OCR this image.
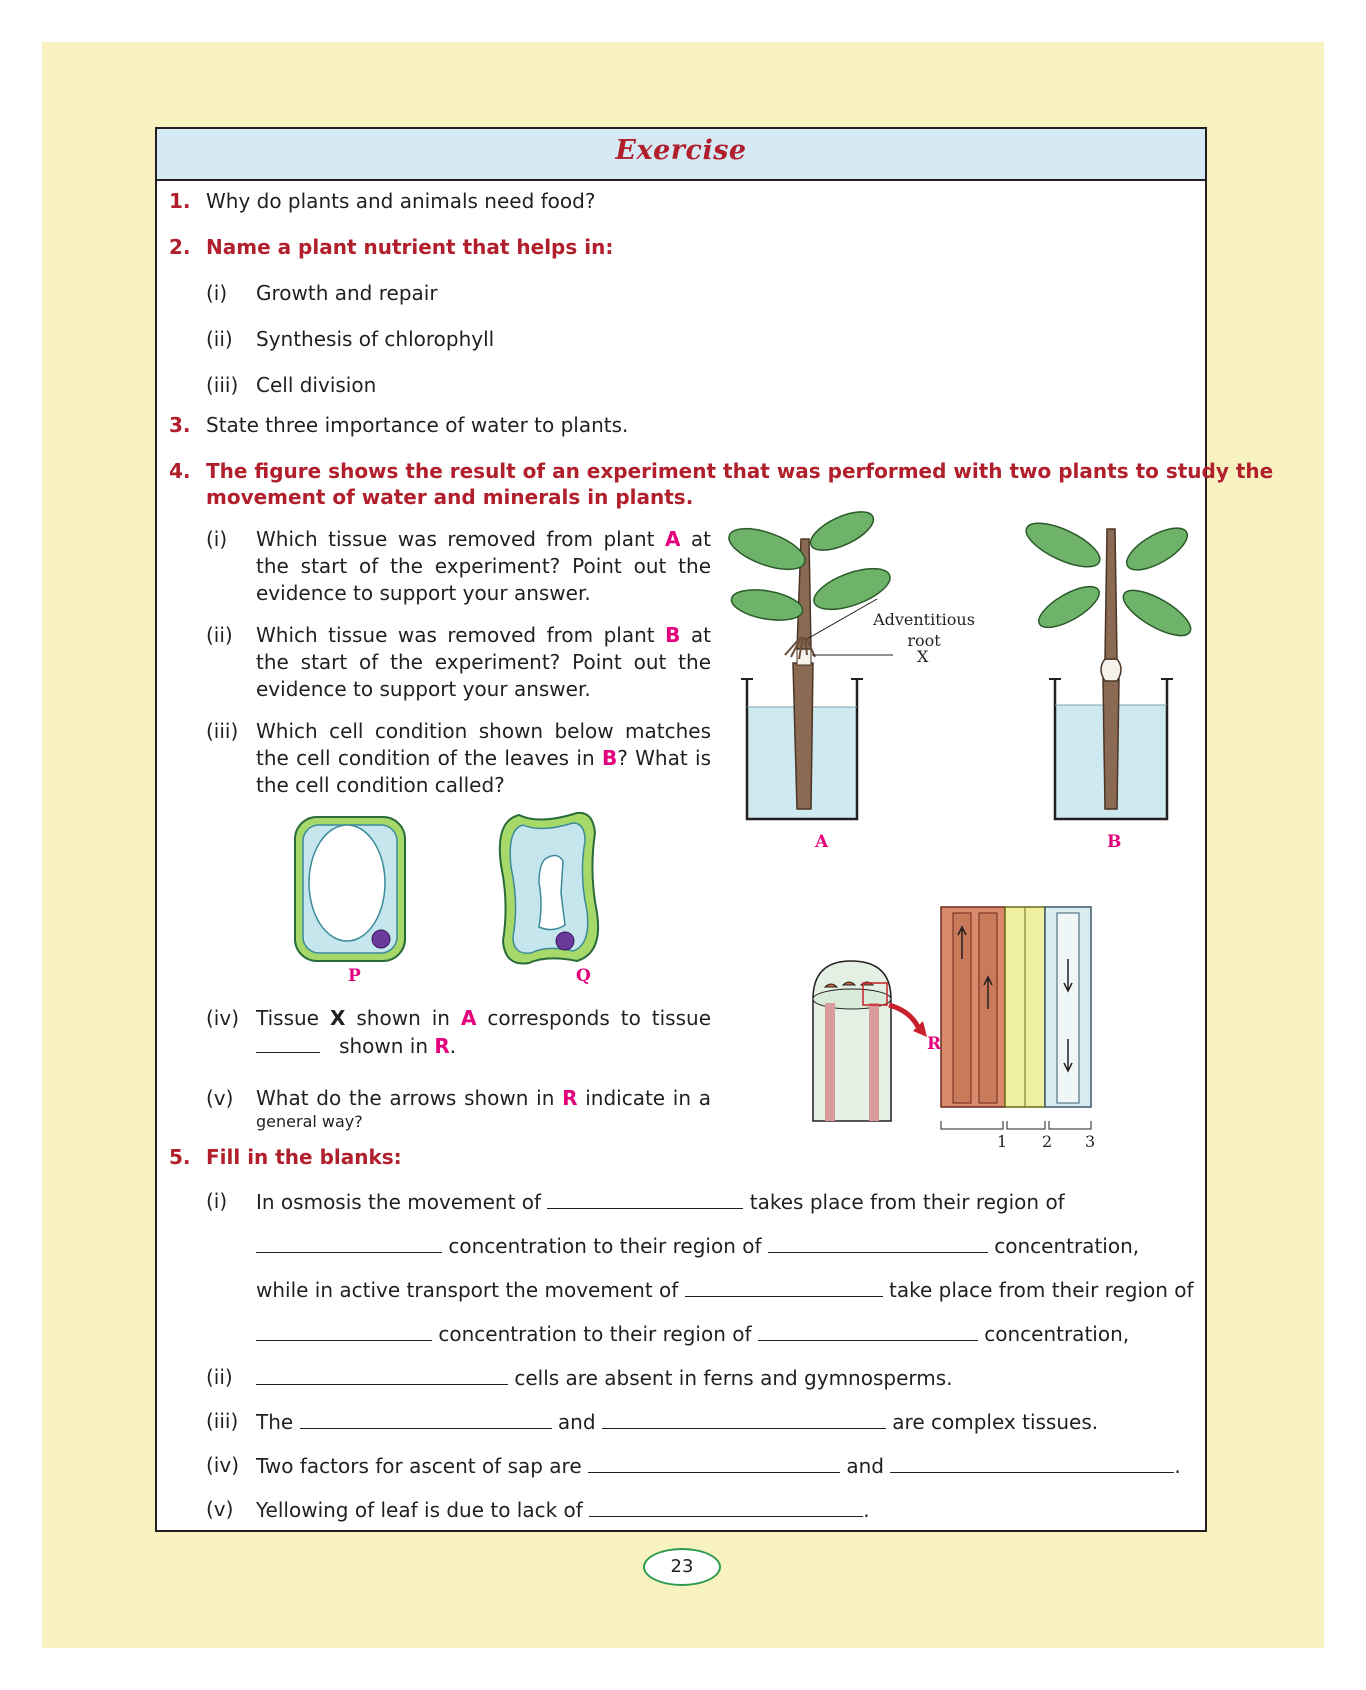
Exercise
1. Why do plants and animals need food?
2. Name a plant nutrient that helps in:
(i) Growth and repair
(ii) Synthesis of chlorophyll
(iii) Cell division
3. State three importance of water to plants.
4. The figure shows the result of an experiment that was performed with two plants to study the
movement of water and minerals in plants.
(i) Which tissue was removed from plant A at the start of the experiment? Point out the evidence to support your answer.
(ii) Which tissue was removed from plant B at the start of the experiment? Point out the evidence to support your answer.
(iii) Which cell condition shown below matches the cell condition of the leaves in B? What is the cell condition called?
(iv) Tissue X shown in A corresponds to tissue
shown in R.
(v) What do the arrows shown in R indicate in a
general way?
P	Q
Adventitious
root
X
A	B
R
1 2 3
5. Fill in the blanks:
(i) In osmosis the movement of	takes place from their region of
concentration to their region of	concentration,
while in active transport the movement of	take place from their region of
concentration to their region of	concentration,
(ii)	cells are absent in ferns and gymnosperms.
(iii) The	and	are complex tissues.
(iv) Two factors for ascent of sap are	and	.
(v) Yellowing of leaf is due to lack of	.
23
